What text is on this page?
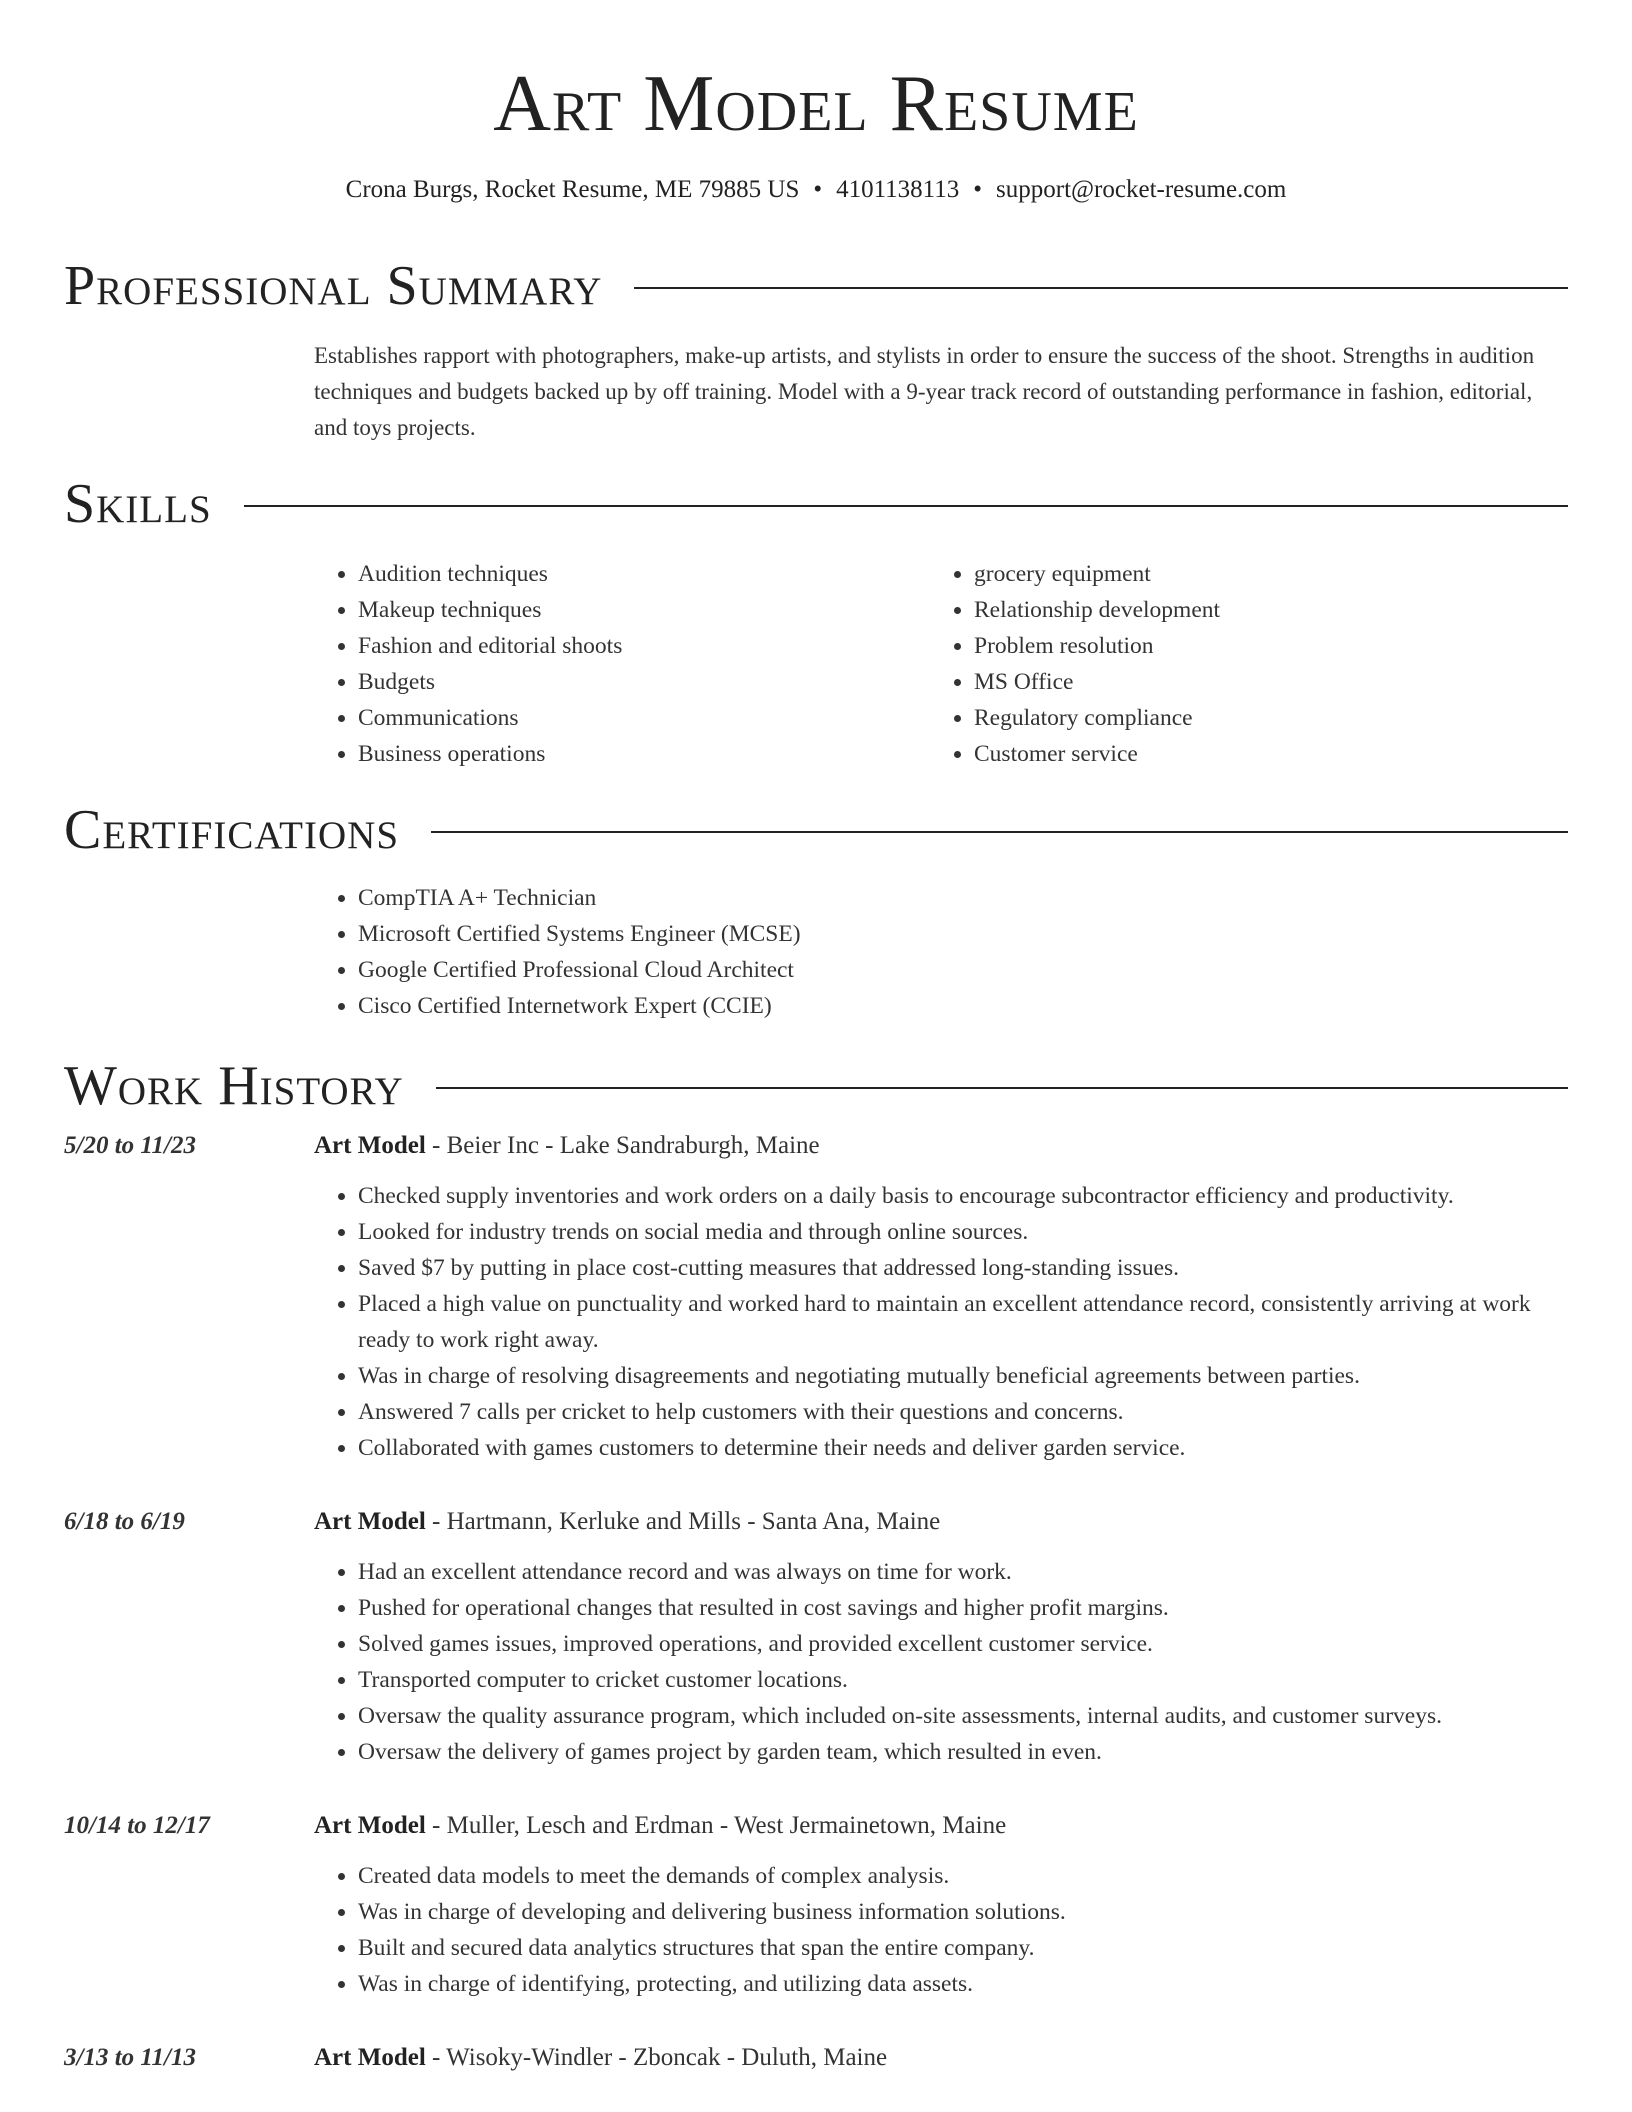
Art Model Resume
Crona Burgs, Rocket Resume, ME 79885 US • 4101138113 • support@rocket-resume.com
Professional Summary

Establishes rapport with photographers, make-up artists, and stylists in order to ensure the success of the shoot. Strengths in audition techniques and budgets backed up by off training. Model with a 9-year track record of outstanding performance in fashion, editorial, and toys projects.

Skills
• Audition techniques
• Makeup techniques
• Fashion and editorial shoots
• Budgets
• Communications
• Business operations
• grocery equipment
• Relationship development
• Problem resolution
• MS Office
• Regulatory compliance
• Customer service
Certifications
• CompTIA A+ Technician
• Microsoft Certified Systems Engineer (MCSE)
• Google Certified Professional Cloud Architect
• Cisco Certified Internetwork Expert (CCIE)
Work History
5/20 to 11/23	Art Model - Beier Inc - Lake Sandraburgh, Maine
• Checked supply inventories and work orders on a daily basis to encourage subcontractor efficiency and productivity.
• Looked for industry trends on social media and through online sources.
• Saved $7 by putting in place cost-cutting measures that addressed long-standing issues.
• Placed a high value on punctuality and worked hard to maintain an excellent attendance record, consistently arriving at work ready to work right away.
• Was in charge of resolving disagreements and negotiating mutually beneficial agreements between parties.
• Answered 7 calls per cricket to help customers with their questions and concerns.
• Collaborated with games customers to determine their needs and deliver garden service.
6/18 to 6/19	Art Model - Hartmann, Kerluke and Mills - Santa Ana, Maine
• Had an excellent attendance record and was always on time for work.
• Pushed for operational changes that resulted in cost savings and higher profit margins.
• Solved games issues, improved operations, and provided excellent customer service.
• Transported computer to cricket customer locations.
• Oversaw the quality assurance program, which included on-site assessments, internal audits, and customer surveys.
• Oversaw the delivery of games project by garden team, which resulted in even.
10/14 to 12/17	Art Model - Muller, Lesch and Erdman - West Jermainetown, Maine
• Created data models to meet the demands of complex analysis.
• Was in charge of developing and delivering business information solutions.
• Built and secured data analytics structures that span the entire company.
• Was in charge of identifying, protecting, and utilizing data assets.
3/13 to 11/13	Art Model - Wisoky-Windler - Zboncak - Duluth, Maine
